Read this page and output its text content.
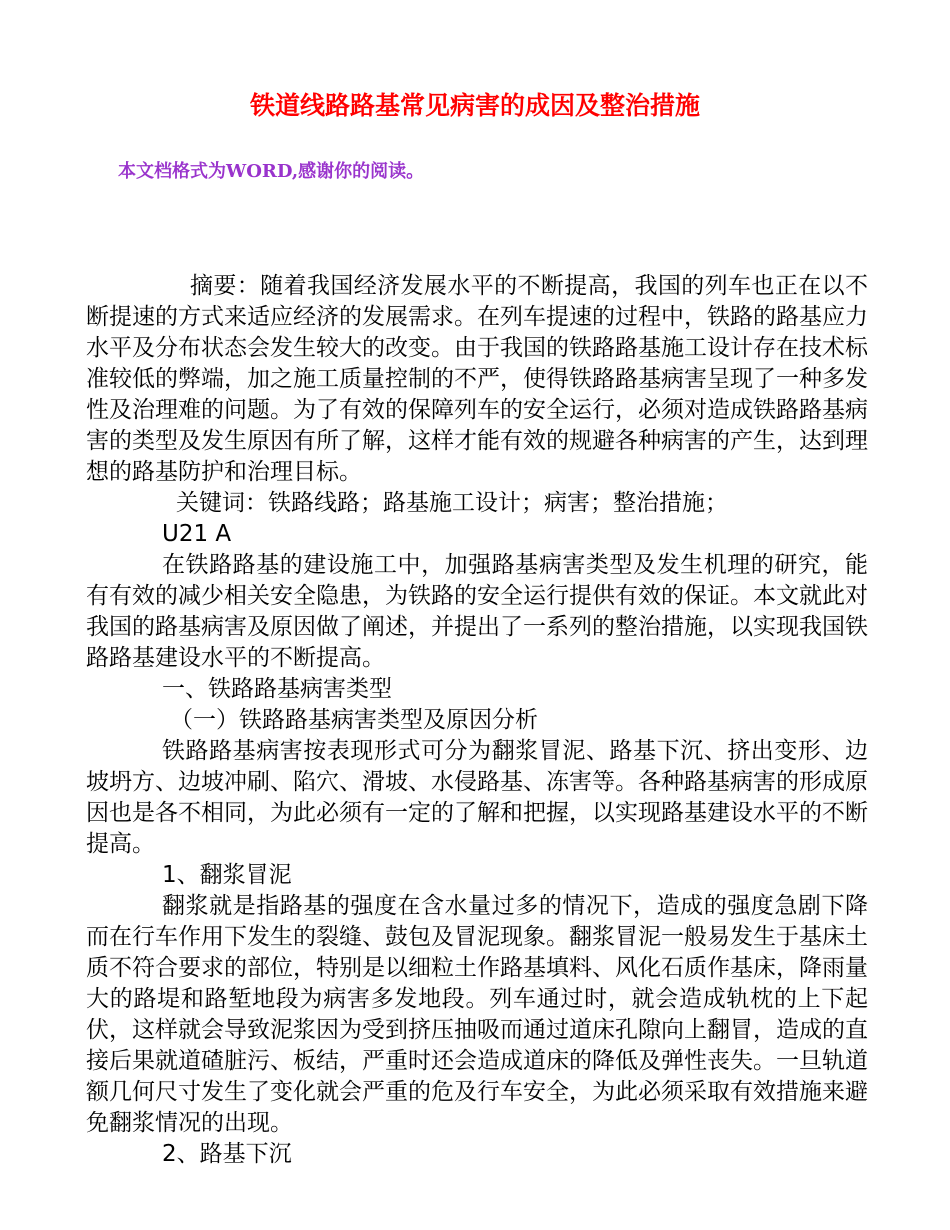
铁道线路路基常见病害的成因及整治措施
本文档格式为WORD,感谢你的阅读。

摘要：随着我国经济发展水平的不断提高，我国的列车也正在以不断提速的方式来适应经济的发展需求。在列车提速的过程中，铁路的路基应力水平及分布状态会发生较大的改变。由于我国的铁路路基施工设计存在技术标准较低的弊端，加之施工质量控制的不严，使得铁路路基病害呈现了一种多发性及治理难的问题。为了有效的保障列车的安全运行，必须对造成铁路路基病害的类型及发生原因有所了解，这样才能有效的规避各种病害的产生，达到理想的路基防护和治理目标。

关键词：铁路线路；路基施工设计；病害；整治措施；

U21 A

在铁路路基的建设施工中，加强路基病害类型及发生机理的研究，能有有效的减少相关安全隐患，为铁路的安全运行提供有效的保证。本文就此对我国的路基病害及原因做了阐述，并提出了一系列的整治措施，以实现我国铁路路基建设水平的不断提高。

一、铁路路基病害类型

（一）铁路路基病害类型及原因分析

铁路路基病害按表现形式可分为翻浆冒泥、路基下沉、挤出变形、边坡坍方、边坡冲刷、陷穴、滑坡、水侵路基、冻害等。各种路基病害的形成原因也是各不相同，为此必须有一定的了解和把握，以实现路基建设水平的不断提高。

1、翻浆冒泥

翻浆就是指路基的强度在含水量过多的情况下，造成的强度急剧下降而在行车作用下发生的裂缝、鼓包及冒泥现象。翻浆冒泥一般易发生于基床土质不符合要求的部位，特别是以细粒土作路基填料、风化石质作基床，降雨量大的路堤和路堑地段为病害多发地段。列车通过时，就会造成轨枕的上下起伏，这样就会导致泥浆因为受到挤压抽吸而通过道床孔隙向上翻冒，造成的直接后果就道碴脏污、板结，严重时还会造成道床的降低及弹性丧失。一旦轨道额几何尺寸发生了变化就会严重的危及行车安全，为此必须采取有效措施来避免翻浆情况的出现。

2、路基下沉
